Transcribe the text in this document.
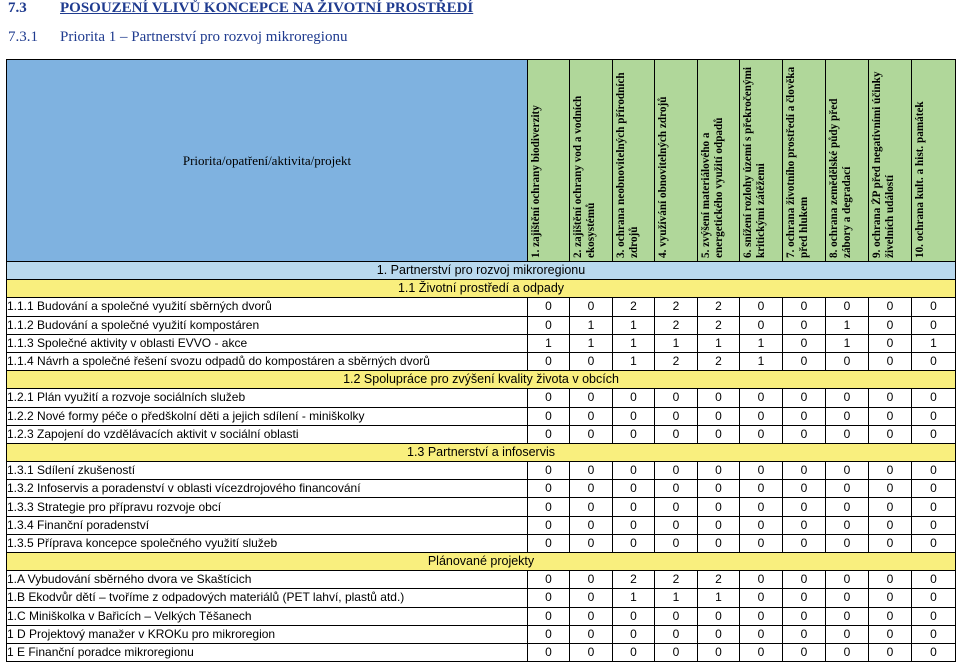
7.3 POSOUZENÍ VLIVŮ KONCEPCE NA ŽIVOTNÍ PROSTŘEDÍ
7.3.1 Priorita 1 – Partnerství pro rozvoj mikroregionu
Priorita/opatření/aktivita/projekt	1. zajištění ochrany biodiverzity	2. zajištění ochrany vod a vodních ekosystémů	3. ochrana neobnovitelných přírodních zdrojů	4. využívání obnovitelných zdrojů	5. zvýšení materiálového a energetického využití odpadů	6. snížení rozlohy území s překročenými kritickými zátěžemi	7. ochrana životního prostředí a člověka před hlukem	8. ochrana zemědělské půdy před zábory a degradací	9. ochrana ŽP před negativními účinky živelních událostí	10. ochrana kult. a hist. památek

1. Partnerství pro rozvoj mikroregionu										
1.1 Životní prostředí a odpady										
1.1.1 Budování a společné využití sběrných dvorů	0	0	2	2	2	0	0	0	0	0
1.1.2 Budování a společné využití kompostáren	0	1	1	2	2	0	0	1	0	0
1.1.3 Společné aktivity v oblasti EVVO - akce	1	1	1	1	1	1	0	1	0	1
1.1.4 Návrh a společné řešení svozu odpadů do kompostáren a sběrných dvorů	0	0	1	2	2	1	0	0	0	0
1.2 Spolupráce pro zvýšení kvality života v obcích										
1.2.1 Plán využití a rozvoje sociálních služeb	0	0	0	0	0	0	0	0	0	0
1.2.2 Nové formy péče o předškolní děti a jejich sdílení - miniškolky	0	0	0	0	0	0	0	0	0	0
1.2.3 Zapojení do vzdělávacích aktivit v sociální oblasti	0	0	0	0	0	0	0	0	0	0
1.3 Partnerství a infoservis										
1.3.1 Sdílení zkušeností	0	0	0	0	0	0	0	0	0	0
1.3.2 Infoservis a poradenství v oblasti vícezdrojového financování	0	0	0	0	0	0	0	0	0	0
1.3.3 Strategie pro přípravu rozvoje obcí	0	0	0	0	0	0	0	0	0	0
1.3.4 Finanční poradenství	0	0	0	0	0	0	0	0	0	0
1.3.5 Příprava koncepce společného využití služeb	0	0	0	0	0	0	0	0	0	0
Plánované projekty										
1.A Vybudování sběrného dvora ve Skaštícich	0	0	2	2	2	0	0	0	0	0
1.B Ekodvůr dětí – tvoříme z odpadových materiálů (PET lahví, plastů atd.)	0	0	1	1	1	0	0	0	0	0
1.C Miniškolka v Bařicích – Velkých Těšanech	0	0	0	0	0	0	0	0	0	0
1 D Projektový manažer v KROKu pro mikroregion	0	0	0	0	0	0	0	0	0	0
1 E Finanční poradce mikroregionu	0	0	0	0	0	0	0	0	0	0
